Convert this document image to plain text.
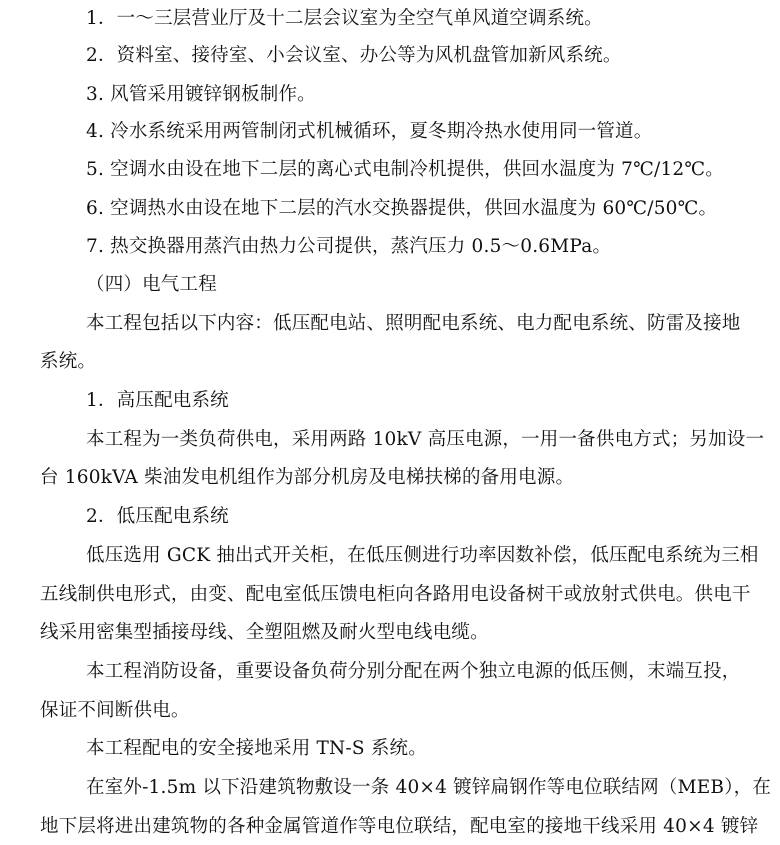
1．一～三层营业厅及十二层会议室为全空气单风道空调系统。
2．资料室、接待室、小会议室、办公等为风机盘管加新风系统。
3. 风管采用镀锌钢板制作。
4. 冷水系统采用两管制闭式机械循环，夏冬期冷热水使用同一管道。
5. 空调水由设在地下二层的离心式电制冷机提供，供回水温度为 7℃/12℃。
6. 空调热水由设在地下二层的汽水交换器提供，供回水温度为 60℃/50℃。
7. 热交换器用蒸汽由热力公司提供，蒸汽压力 0.5～0.6MPa。
（四）电气工程
本工程包括以下内容：低压配电站、照明配电系统、电力配电系统、防雷及接地
系统。
1．高压配电系统
本工程为一类负荷供电，采用两路 10kV 高压电源，一用一备供电方式；另加设一
台 160kVA 柴油发电机组作为部分机房及电梯扶梯的备用电源。
2．低压配电系统
低压选用 GCK 抽出式开关柜，在低压侧进行功率因数补偿，低压配电系统为三相
五线制供电形式，由变、配电室低压馈电柜向各路用电设备树干或放射式供电。供电干
线采用密集型插接母线、全塑阻燃及耐火型电线电缆。
本工程消防设备，重要设备负荷分别分配在两个独立电源的低压侧，末端互投，
保证不间断供电。
本工程配电的安全接地采用 TN-S 系统。
在室外-1.5m 以下沿建筑物敷设一条 40×4 镀锌扁钢作等电位联结网（MEB），在
地下层将进出建筑物的各种金属管道作等电位联结，配电室的接地干线采用 40×4 镀锌
